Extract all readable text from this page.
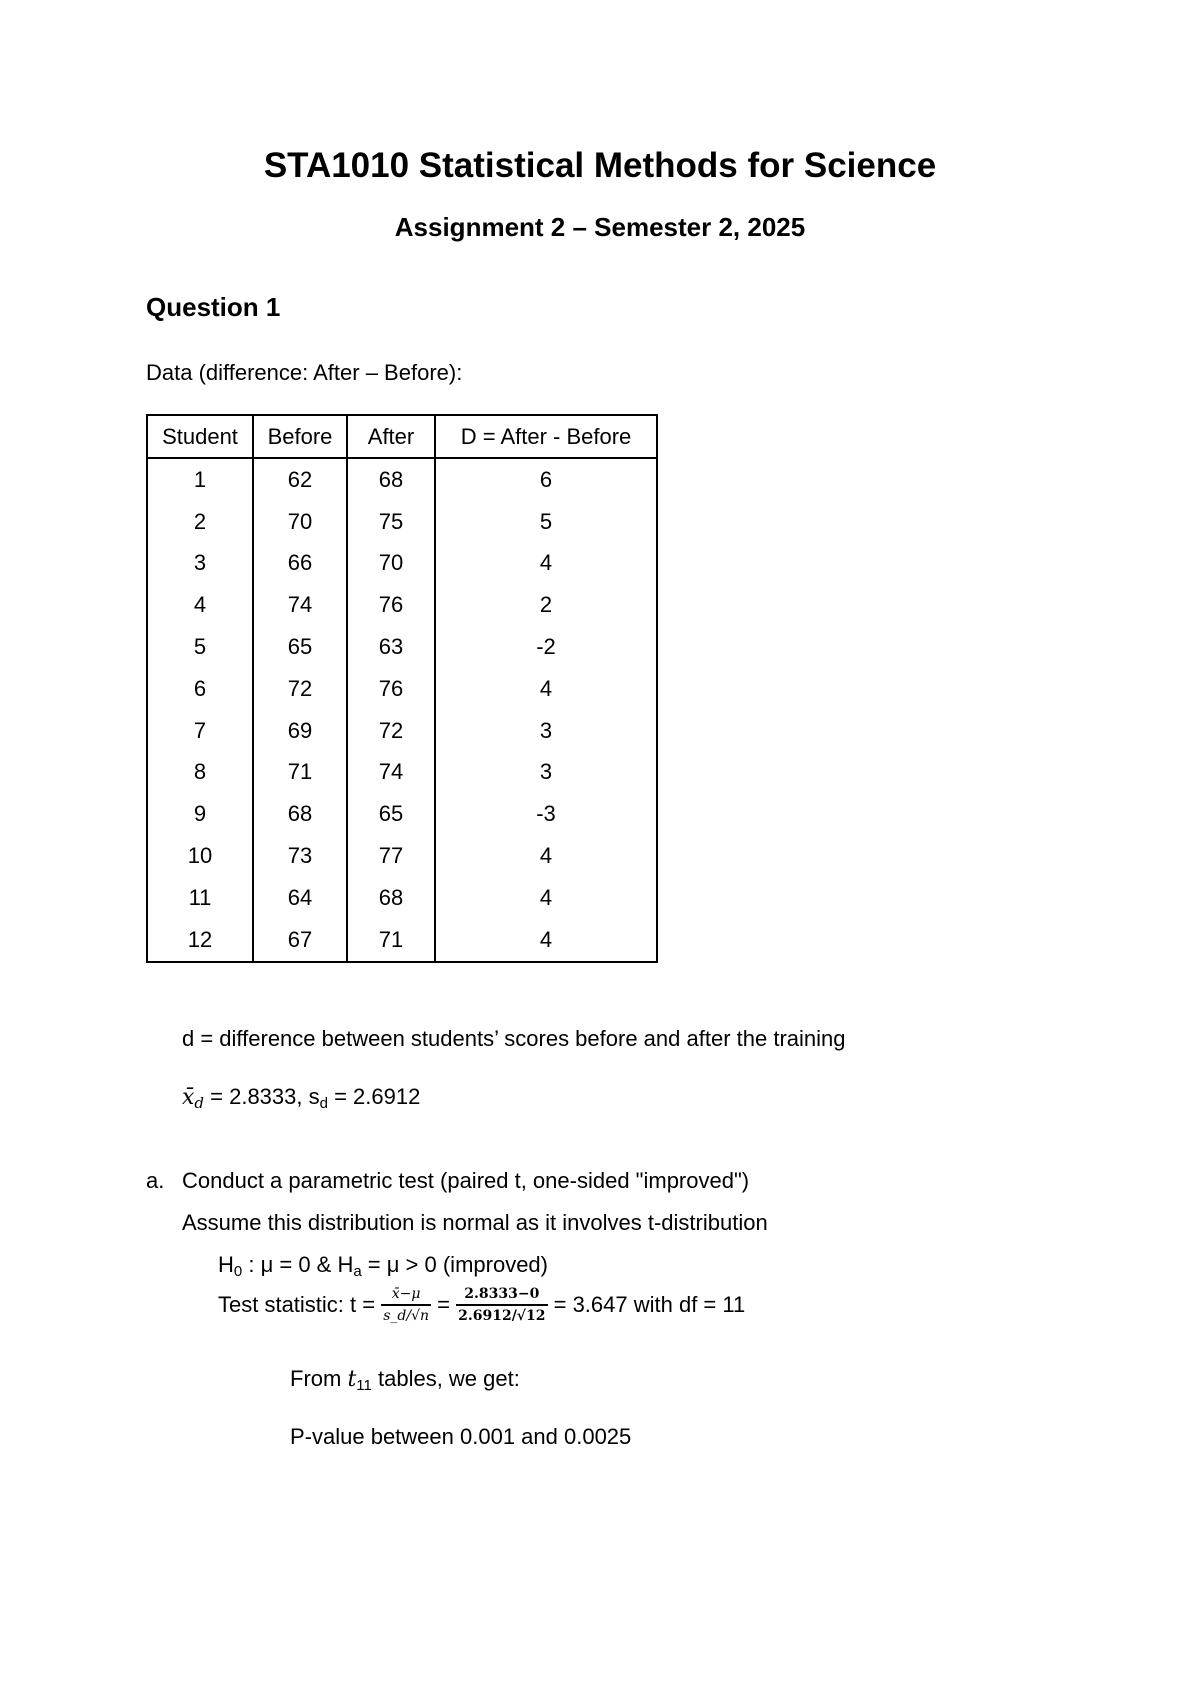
STA1010 Statistical Methods for Science
Assignment 2 – Semester 2, 2025
Question 1
Data (difference: After – Before):
Student	Before	After	D = After - Before
1	62	68	6
2	70	75	5
3	66	70	4
4	74	76	2
5	65	63	-2
6	72	76	4
7	69	72	3
8	71	74	3
9	68	65	-3
10	73	77	4
11	64	68	4
12	67	71	4
d = difference between students’ scores before and after the training
x̄d = 2.8333, sd = 2.6912
a. Conduct a parametric test (paired t, one-sided "improved")
Assume this distribution is normal as it involves t-distribution
H0 : μ = 0 & Ha = μ > 0 (improved)
Test statistic: $t = \frac{x̄-\mu}{s\_d/√n} = \frac{2.8333-0}{2.6912/√12} = 3.647$ with df = 11
From t11 tables, we get:
P-value between 0.001 and 0.0025
